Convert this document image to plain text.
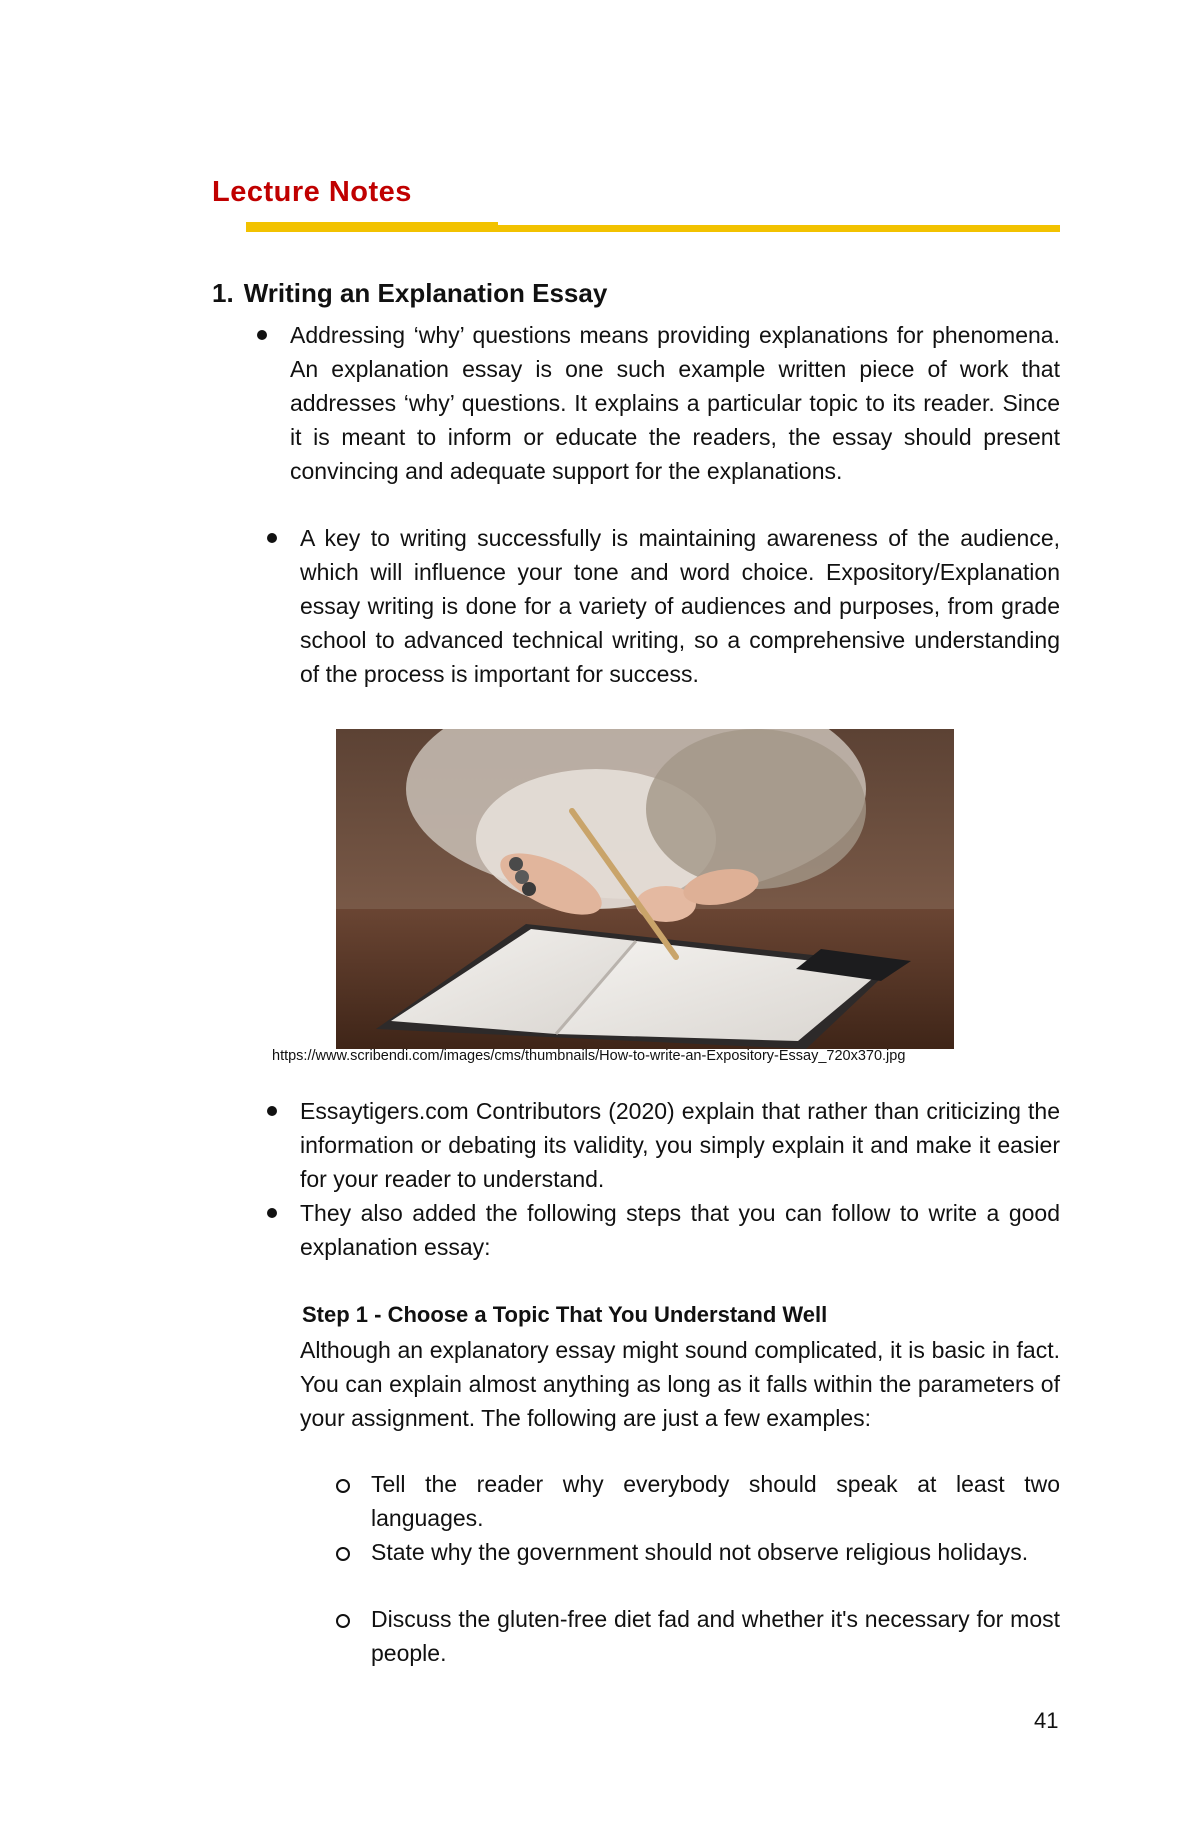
Lecture Notes
1. Writing an Explanation Essay
Addressing ‘why’ questions means providing explanations for phenomena. An explanation essay is one such example written piece of work that addresses ‘why’ questions. It explains a particular topic to its reader. Since it is meant to inform or educate the readers, the essay should present convincing and adequate support for the explanations.
A key to writing successfully is maintaining awareness of the audience, which will influence your tone and word choice. Expository/Explanation essay writing is done for a variety of audiences and purposes, from grade school to advanced technical writing, so a comprehensive understanding of the process is important for success.
https://www.scribendi.com/images/cms/thumbnails/How-to-write-an-Expository-Essay_720x370.jpg
Essaytigers.com Contributors (2020) explain that rather than criticizing the information or debating its validity, you simply explain it and make it easier for your reader to understand.
They also added the following steps that you can follow to write a good explanation essay:
Step 1 - Choose a Topic That You Understand Well
Although an explanatory essay might sound complicated, it is basic in fact. You can explain almost anything as long as it falls within the parameters of your assignment. The following are just a few examples:
Tell the reader why everybody should speak at least two languages.
State why the government should not observe religious holidays.
Discuss the gluten-free diet fad and whether it's necessary for most people.
41
